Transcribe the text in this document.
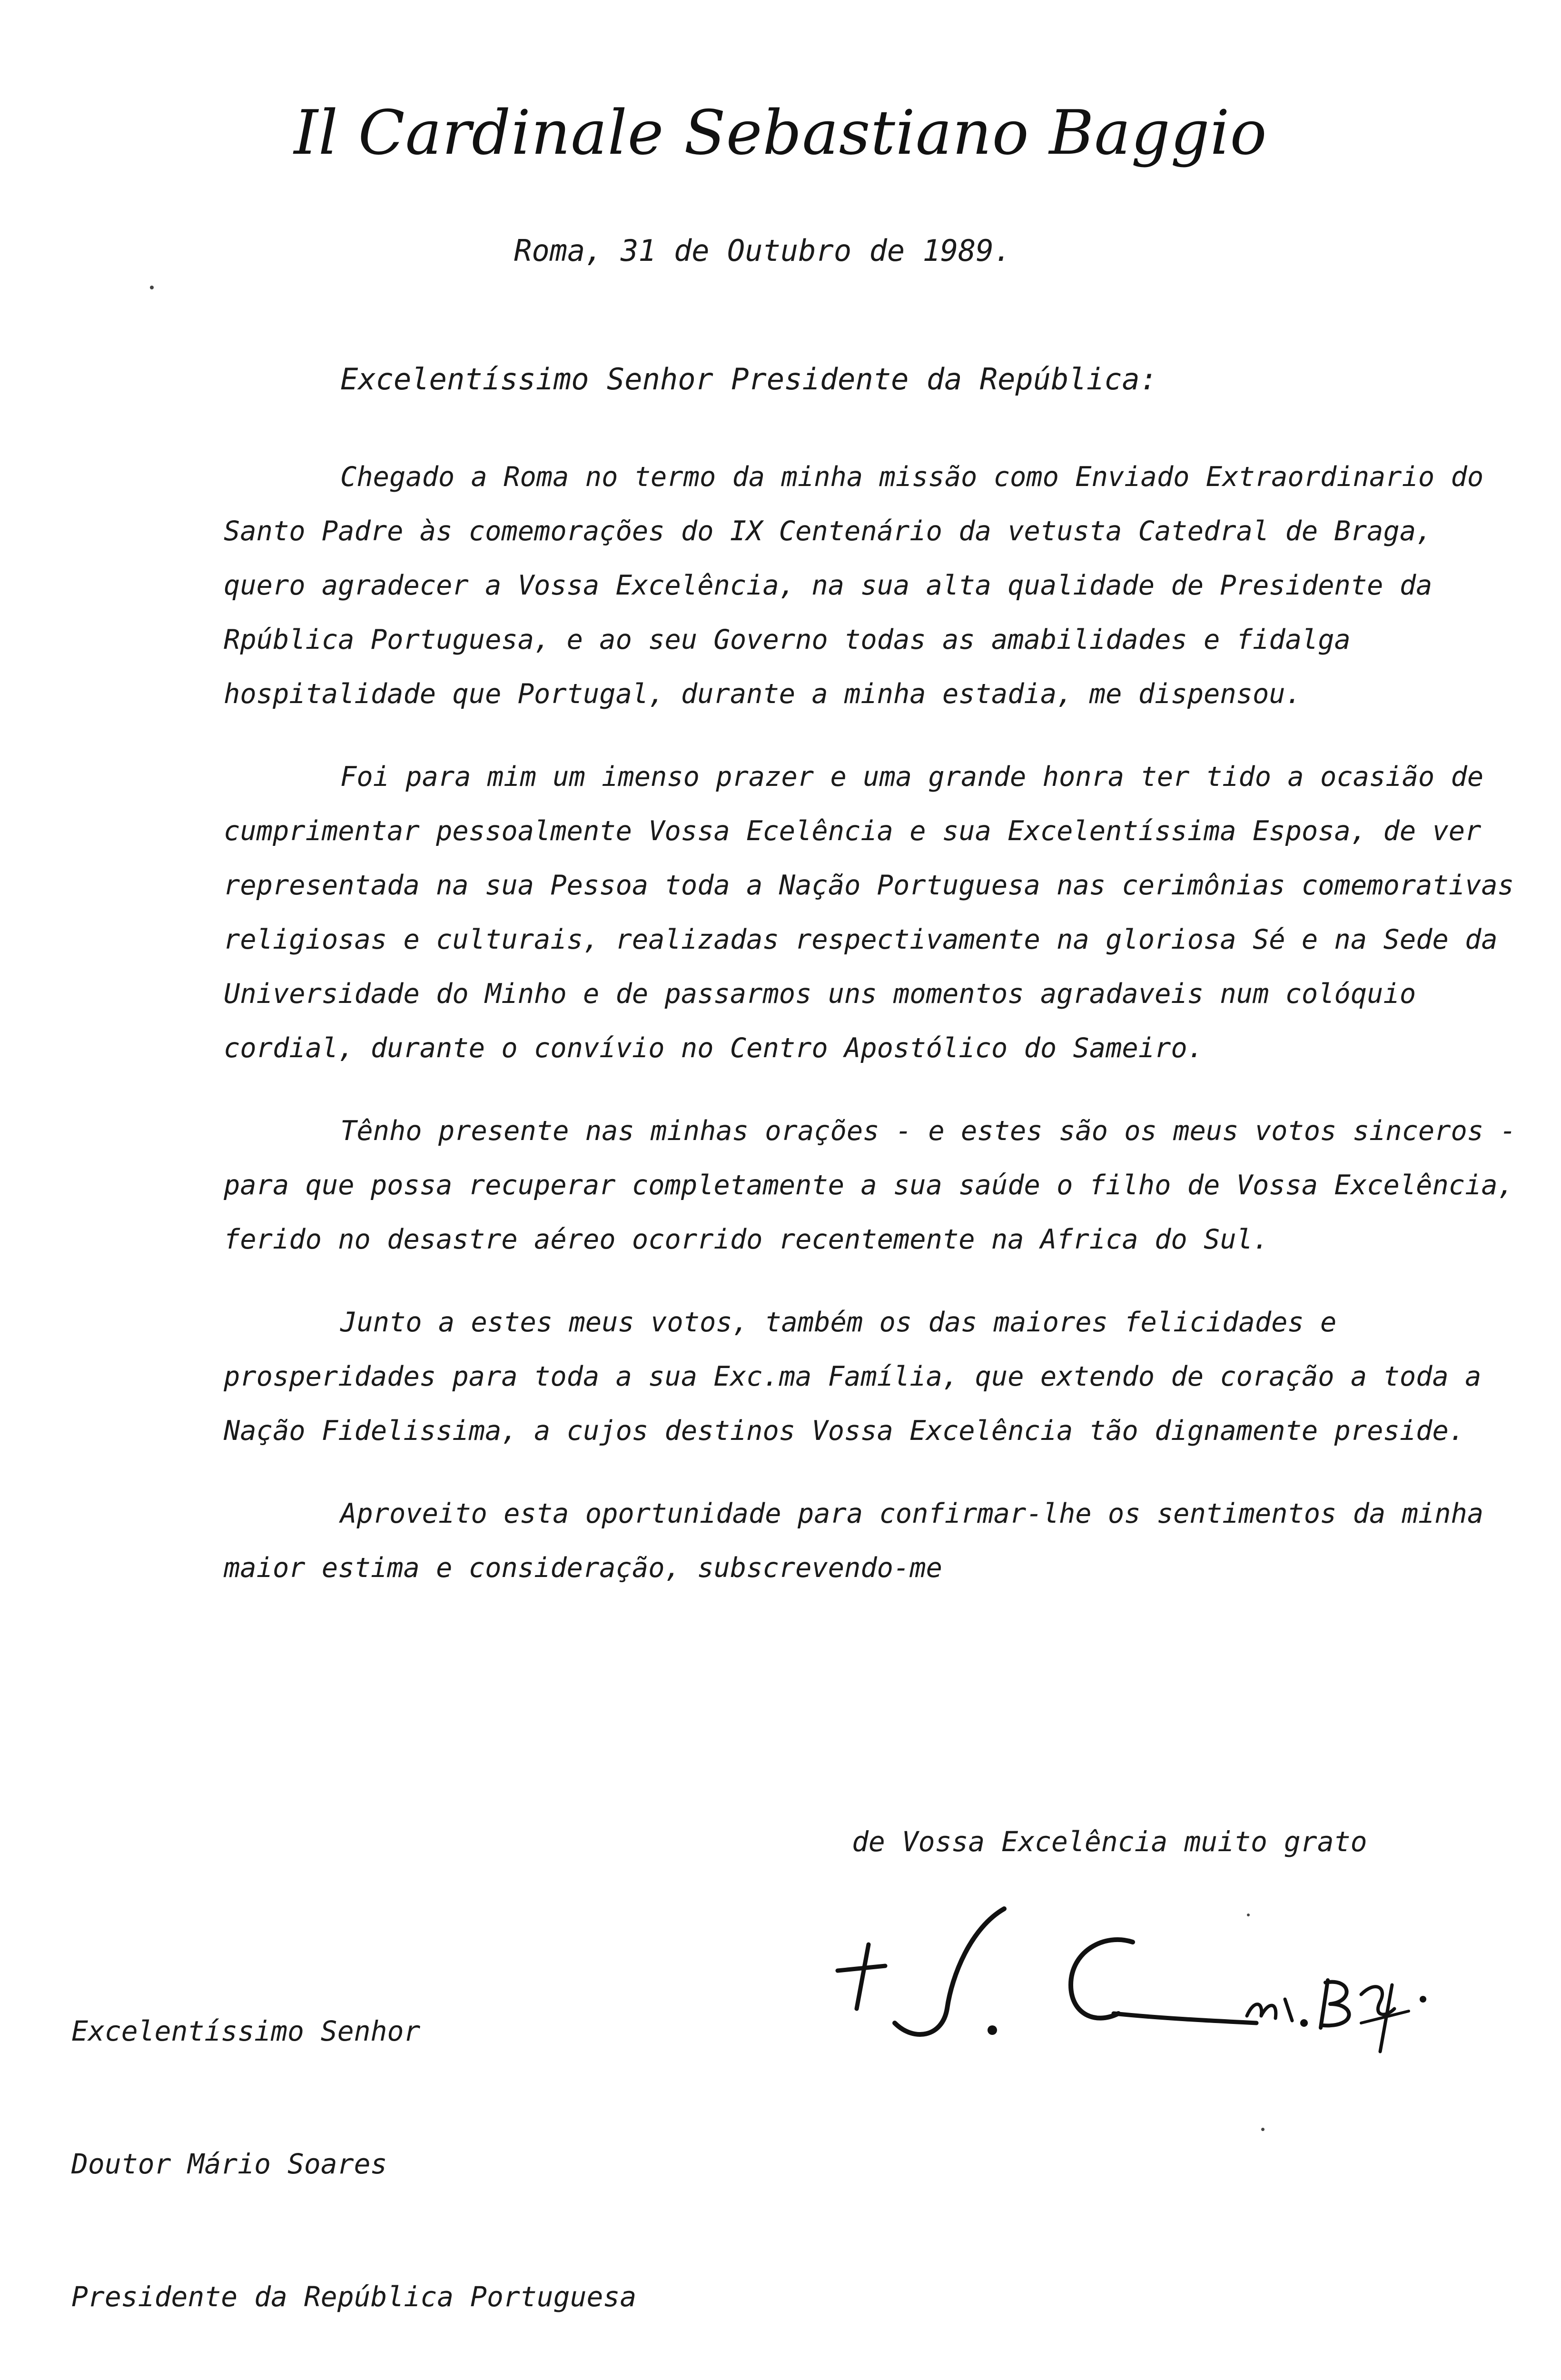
Il Cardinale Sebastiano Baggio
Roma, 31 de Outubro de 1989.
Excelentíssimo Senhor Presidente da República:

Chegado a Roma no termo da minha missão como Enviado Extraordinario do Santo Padre às comemorações do IX Centenário da vetusta Catedral de Braga, quero agradecer a Vossa Excelência, na sua alta qualidade de Presidente da Rpública Portuguesa, e ao seu Governo todas as amabilidades e fidalga hospitalidade que Portugal, durante a minha estadia, me dispensou.

Foi para mim um imenso prazer e uma grande honra ter tido a ocasião de cumprimentar pessoalmente Vossa Ecelência e sua Excelentíssima Esposa, de ver representada na sua Pessoa toda a Nação Portuguesa nas cerimônias comemorativas religiosas e culturais, realizadas respectivamente na gloriosa Sé e na Sede da Universidade do Minho e de passarmos uns momentos agradaveis num colóquio cordial, durante o convívio no Centro Apostólico do Sameiro.

Tênho presente nas minhas orações - e estes são os meus votos sinceros - para que possa recuperar completamente a sua saúde o filho de Vossa Excelência, ferido no desastre aéreo ocorrido recentemente na Africa do Sul.

Junto a estes meus votos, também os das maiores felicidades e prosperidades para toda a sua Exc.ma Família, que extendo de coração a toda a Nação Fidelissima, a cujos destinos Vossa Excelência tão dignamente preside.

Aproveito esta oportunidade para confirmar-lhe os sentimentos da minha maior estima e consideração, subscrevendo-me

de Vossa Excelência muito grato

Excelentíssimo Senhor

Doutor Mário Soares

Presidente da República Portuguesa
